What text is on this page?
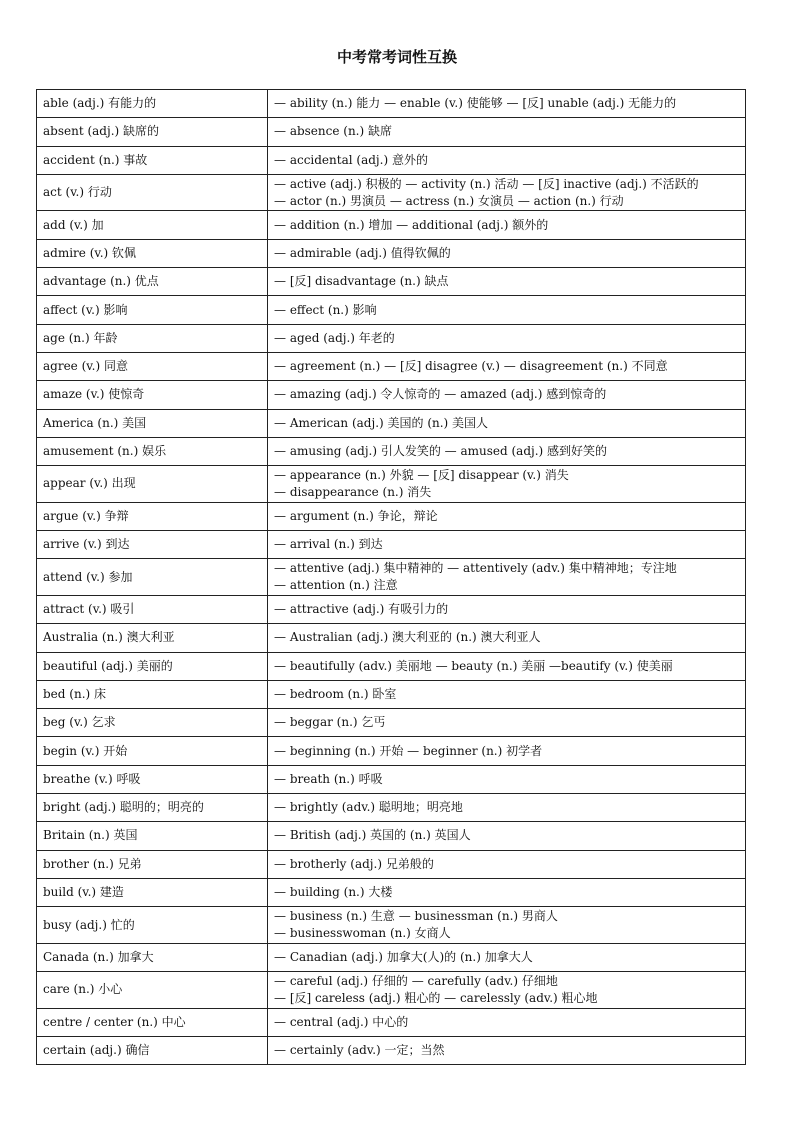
中考常考词性互换
able (adj.) 有能力的	— ability (n.) 能力 — enable (v.) 使能够 — [反] unable (adj.) 无能力的

absent (adj.) 缺席的	— absence (n.) 缺席

accident (n.) 事故	— accidental (adj.) 意外的

act (v.) 行动	— active (adj.) 积极的 — activity (n.) 活动 — [反] inactive (adj.) 不活跃的
— actor (n.) 男演员 — actress (n.) 女演员 — action (n.) 行动

add (v.) 加	— addition (n.) 增加 — additional (adj.) 额外的

admire (v.) 钦佩	— admirable (adj.) 值得钦佩的

advantage (n.) 优点	— [反] disadvantage (n.) 缺点

affect (v.) 影响	— effect (n.) 影响

age (n.) 年龄	— aged (adj.) 年老的

agree (v.) 同意	— agreement (n.) — [反] disagree (v.) — disagreement (n.) 不同意

amaze (v.) 使惊奇	— amazing (adj.) 令人惊奇的 — amazed (adj.) 感到惊奇的

America (n.) 美国	— American (adj.) 美国的 (n.) 美国人

amusement (n.) 娱乐	— amusing (adj.) 引人发笑的 — amused (adj.) 感到好笑的

appear (v.) 出现	— appearance (n.) 外貌 — [反] disappear (v.) 消失
— disappearance (n.) 消失

argue (v.) 争辩	— argument (n.) 争论，辩论

arrive (v.) 到达	— arrival (n.) 到达

attend (v.) 参加	— attentive (adj.) 集中精神的 — attentively (adv.) 集中精神地；专注地
— attention (n.) 注意

attract (v.) 吸引	— attractive (adj.) 有吸引力的

Australia (n.) 澳大利亚	— Australian (adj.) 澳大利亚的 (n.) 澳大利亚人

beautiful (adj.) 美丽的	— beautifully (adv.) 美丽地 — beauty (n.) 美丽 —beautify (v.) 使美丽

bed (n.) 床	— bedroom (n.) 卧室

beg (v.) 乞求	— beggar (n.) 乞丐

begin (v.) 开始	— beginning (n.) 开始 — beginner (n.) 初学者

breathe (v.) 呼吸	— breath (n.) 呼吸

bright (adj.) 聪明的；明亮的	— brightly (adv.) 聪明地；明亮地

Britain (n.) 英国	— British (adj.) 英国的 (n.) 英国人

brother (n.) 兄弟	— brotherly (adj.) 兄弟般的

build (v.) 建造	— building (n.) 大楼

busy (adj.) 忙的	— business (n.) 生意 — businessman (n.) 男商人
— businesswoman (n.) 女商人

Canada (n.) 加拿大	— Canadian (adj.) 加拿大(人)的 (n.) 加拿大人

care (n.) 小心	— careful (adj.) 仔细的 — carefully (adv.) 仔细地
— [反] careless (adj.) 粗心的 — carelessly (adv.) 粗心地

centre / center (n.) 中心	— central (adj.) 中心的

certain (adj.) 确信	— certainly (adv.) 一定；当然
